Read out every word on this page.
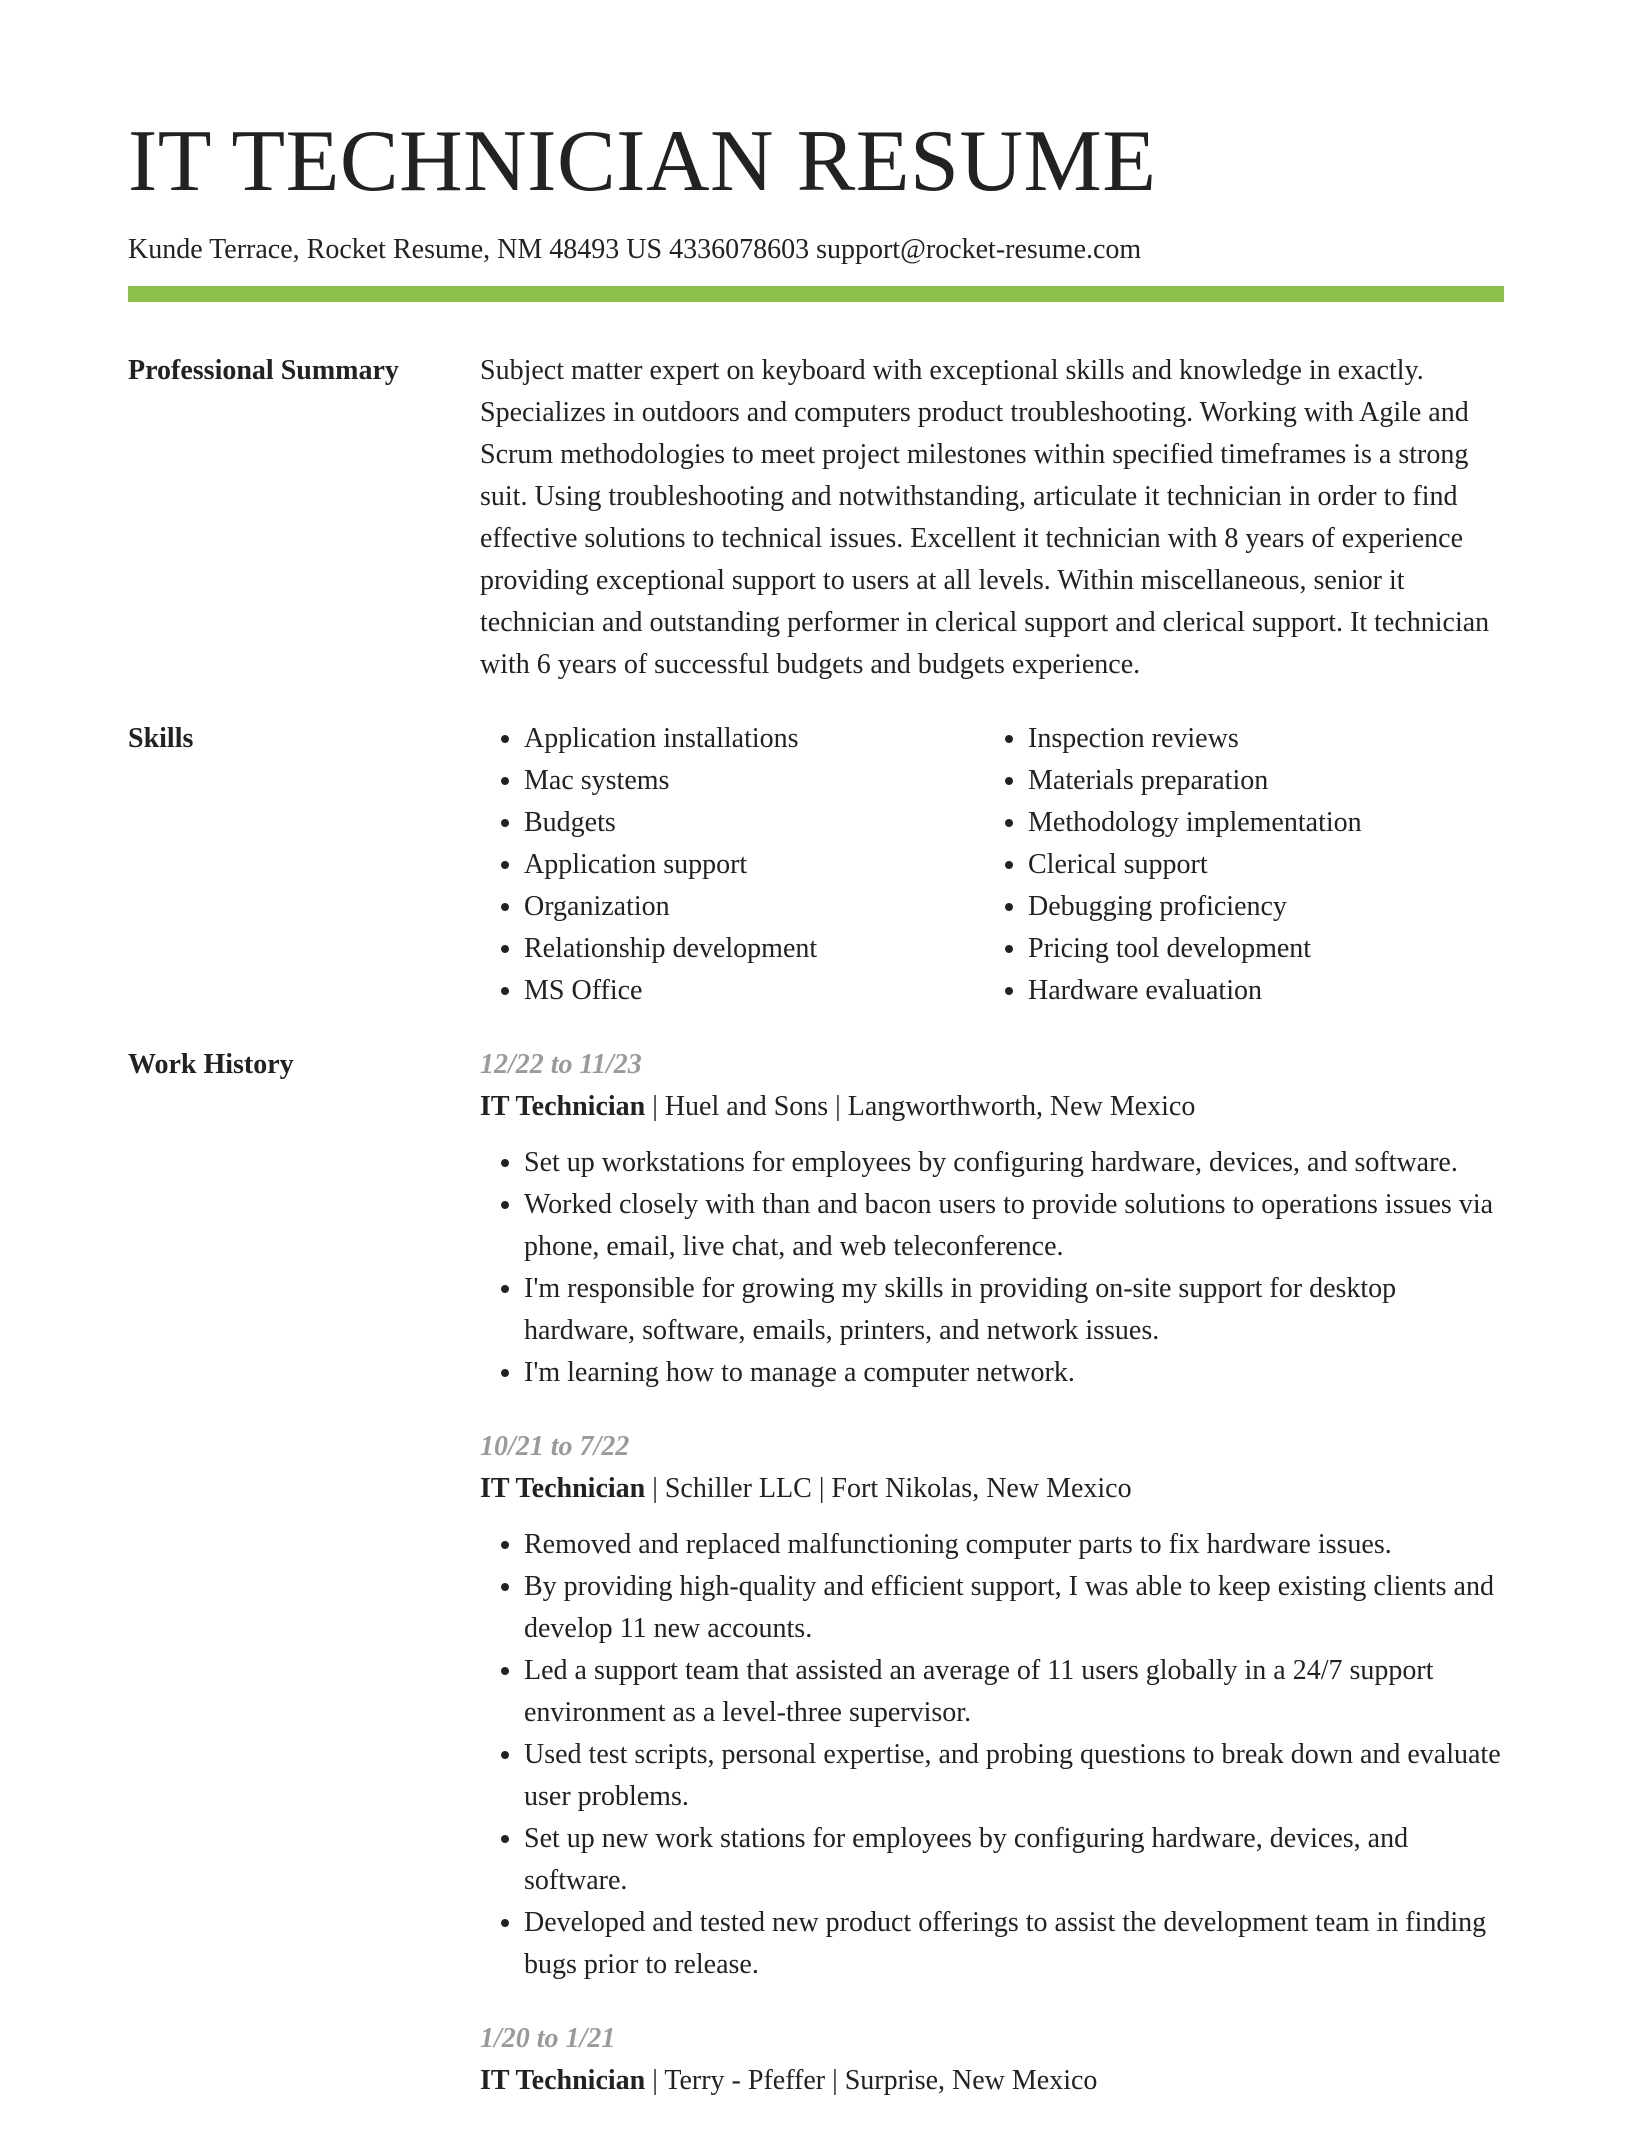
IT TECHNICIAN RESUME
Kunde Terrace, Rocket Resume, NM 48493 US 4336078603 support@rocket-resume.com
Professional Summary	Subject matter expert on keyboard with exceptional skills and knowledge in exactly. Specializes in outdoors and computers product troubleshooting. Working with Agile and Scrum methodologies to meet project milestones within specified timeframes is a strong suit. Using troubleshooting and notwithstanding, articulate it technician in order to find effective solutions to technical issues. Excellent it technician with 8 years of experience providing exceptional support to users at all levels. Within miscellaneous, senior it technician and outstanding performer in clerical support and clerical support. It technician with 6 years of successful budgets and budgets experience.

Skills
•	Application installations
• Mac systems
• Budgets
• Application support
• Organization
• Relationship development
• MS Office
• Inspection reviews
• Materials preparation
• Methodology implementation
• Clerical support
• Debugging proficiency
• Pricing tool development
• Hardware evaluation
Work History	12/22 to 11/23
IT Technician | Huel and Sons | Langworthworth, New Mexico
• Set up workstations for employees by configuring hardware, devices, and software.
• Worked closely with than and bacon users to provide solutions to operations issues via phone, email, live chat, and web teleconference.
• I'm responsible for growing my skills in providing on-site support for desktop hardware, software, emails, printers, and network issues.
• I'm learning how to manage a computer network.
10/21 to 7/22
IT Technician | Schiller LLC | Fort Nikolas, New Mexico
• Removed and replaced malfunctioning computer parts to fix hardware issues.
• By providing high-quality and efficient support, I was able to keep existing clients and develop 11 new accounts.
• Led a support team that assisted an average of 11 users globally in a 24/7 support environment as a level-three supervisor.
• Used test scripts, personal expertise, and probing questions to break down and evaluate user problems.
• Set up new work stations for employees by configuring hardware, devices, and software.
• Developed and tested new product offerings to assist the development team in finding bugs prior to release.
1/20 to 1/21
IT Technician | Terry - Pfeffer | Surprise, New Mexico
